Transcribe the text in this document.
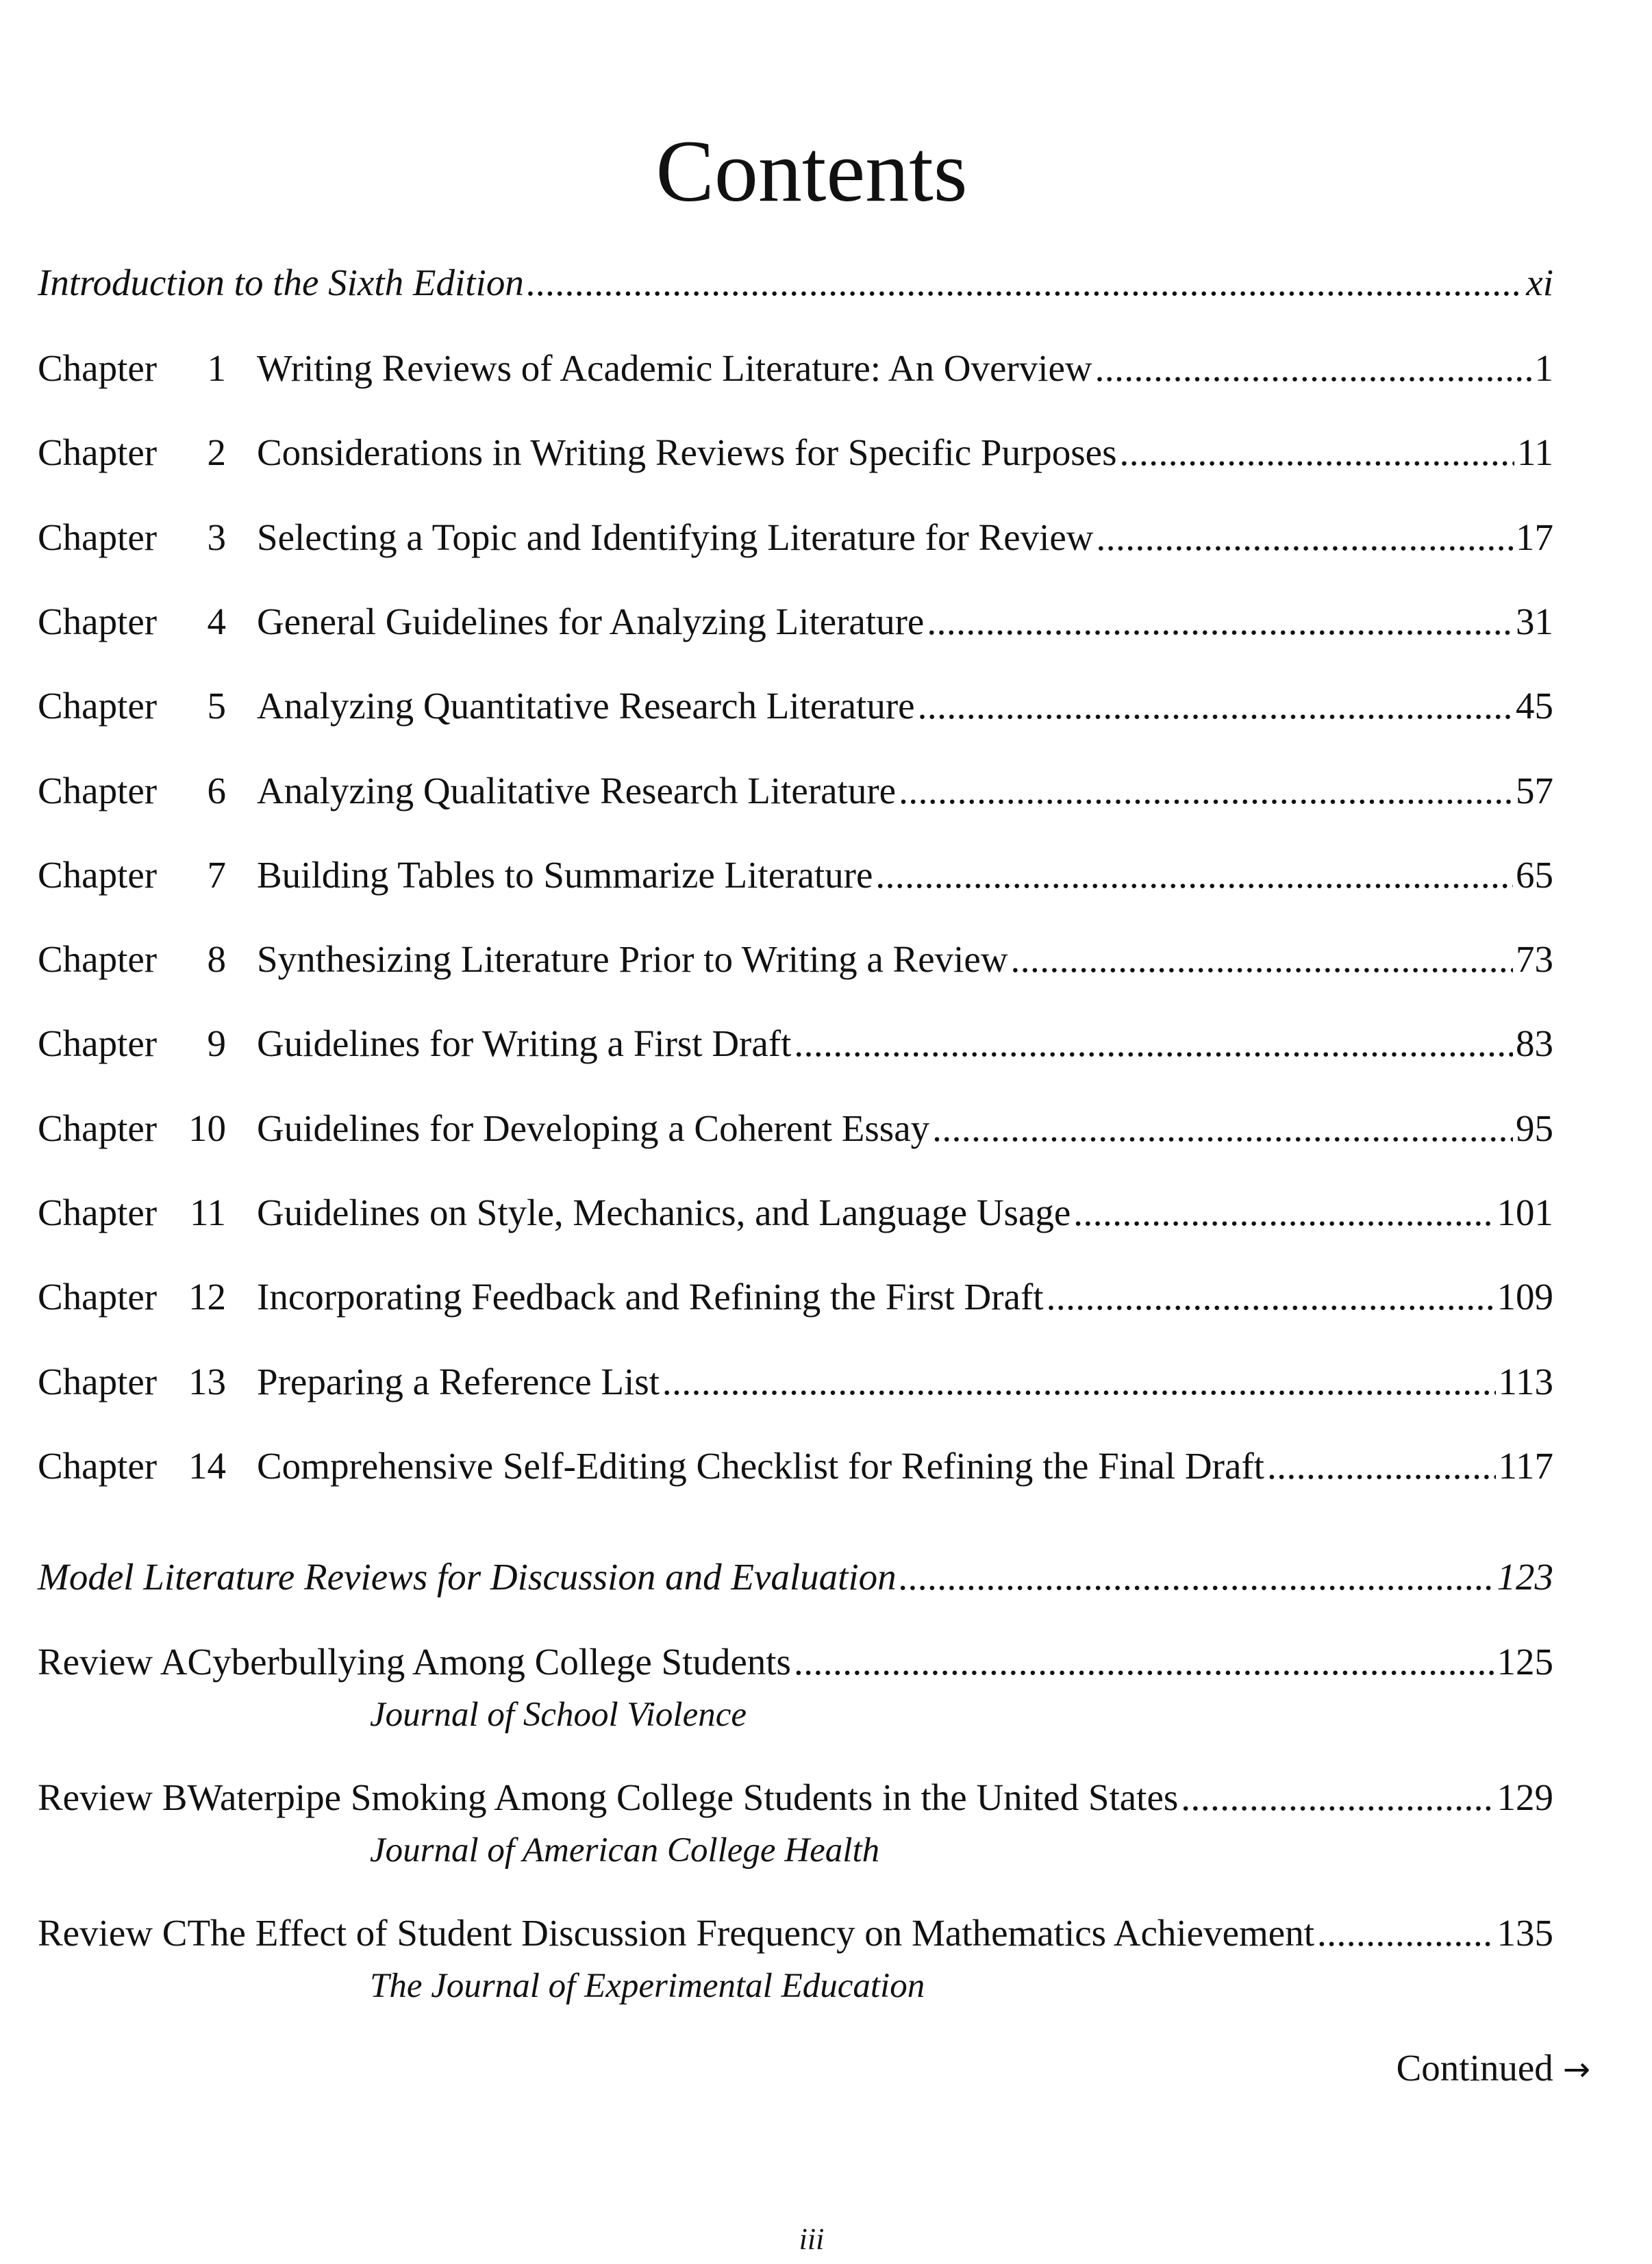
Contents
Introduction to the Sixth Edition .....	xi
Chapter 1 Writing Reviews of Academic Literature: An Overview .....	1
Chapter 2 Considerations in Writing Reviews for Specific Purposes .....	11
Chapter 3 Selecting a Topic and Identifying Literature for Review .....	17
Chapter 4 General Guidelines for Analyzing Literature .....	31
Chapter 5 Analyzing Quantitative Research Literature .....	45
Chapter 6 Analyzing Qualitative Research Literature .....	57
Chapter 7 Building Tables to Summarize Literature .....	65
Chapter 8 Synthesizing Literature Prior to Writing a Review .....	73
Chapter 9 Guidelines for Writing a First Draft .....	83
Chapter 10 Guidelines for Developing a Coherent Essay .....	95
Chapter 11 Guidelines on Style, Mechanics, and Language Usage .....	101
Chapter 12 Incorporating Feedback and Refining the First Draft .....	109
Chapter 13 Preparing a Reference List .....	113
Chapter 14 Comprehensive Self-Editing Checklist for Refining the Final Draft .....	117
Model Literature Reviews for Discussion and Evaluation .....	123
Review A Cyberbullying Among College Students .....	125
Journal of School Violence
Review B Waterpipe Smoking Among College Students in the United States .....	129
Journal of American College Health
Review C The Effect of Student Discussion Frequency on Mathematics Achievement .....	135
The Journal of Experimental Education
Continued →
iii
